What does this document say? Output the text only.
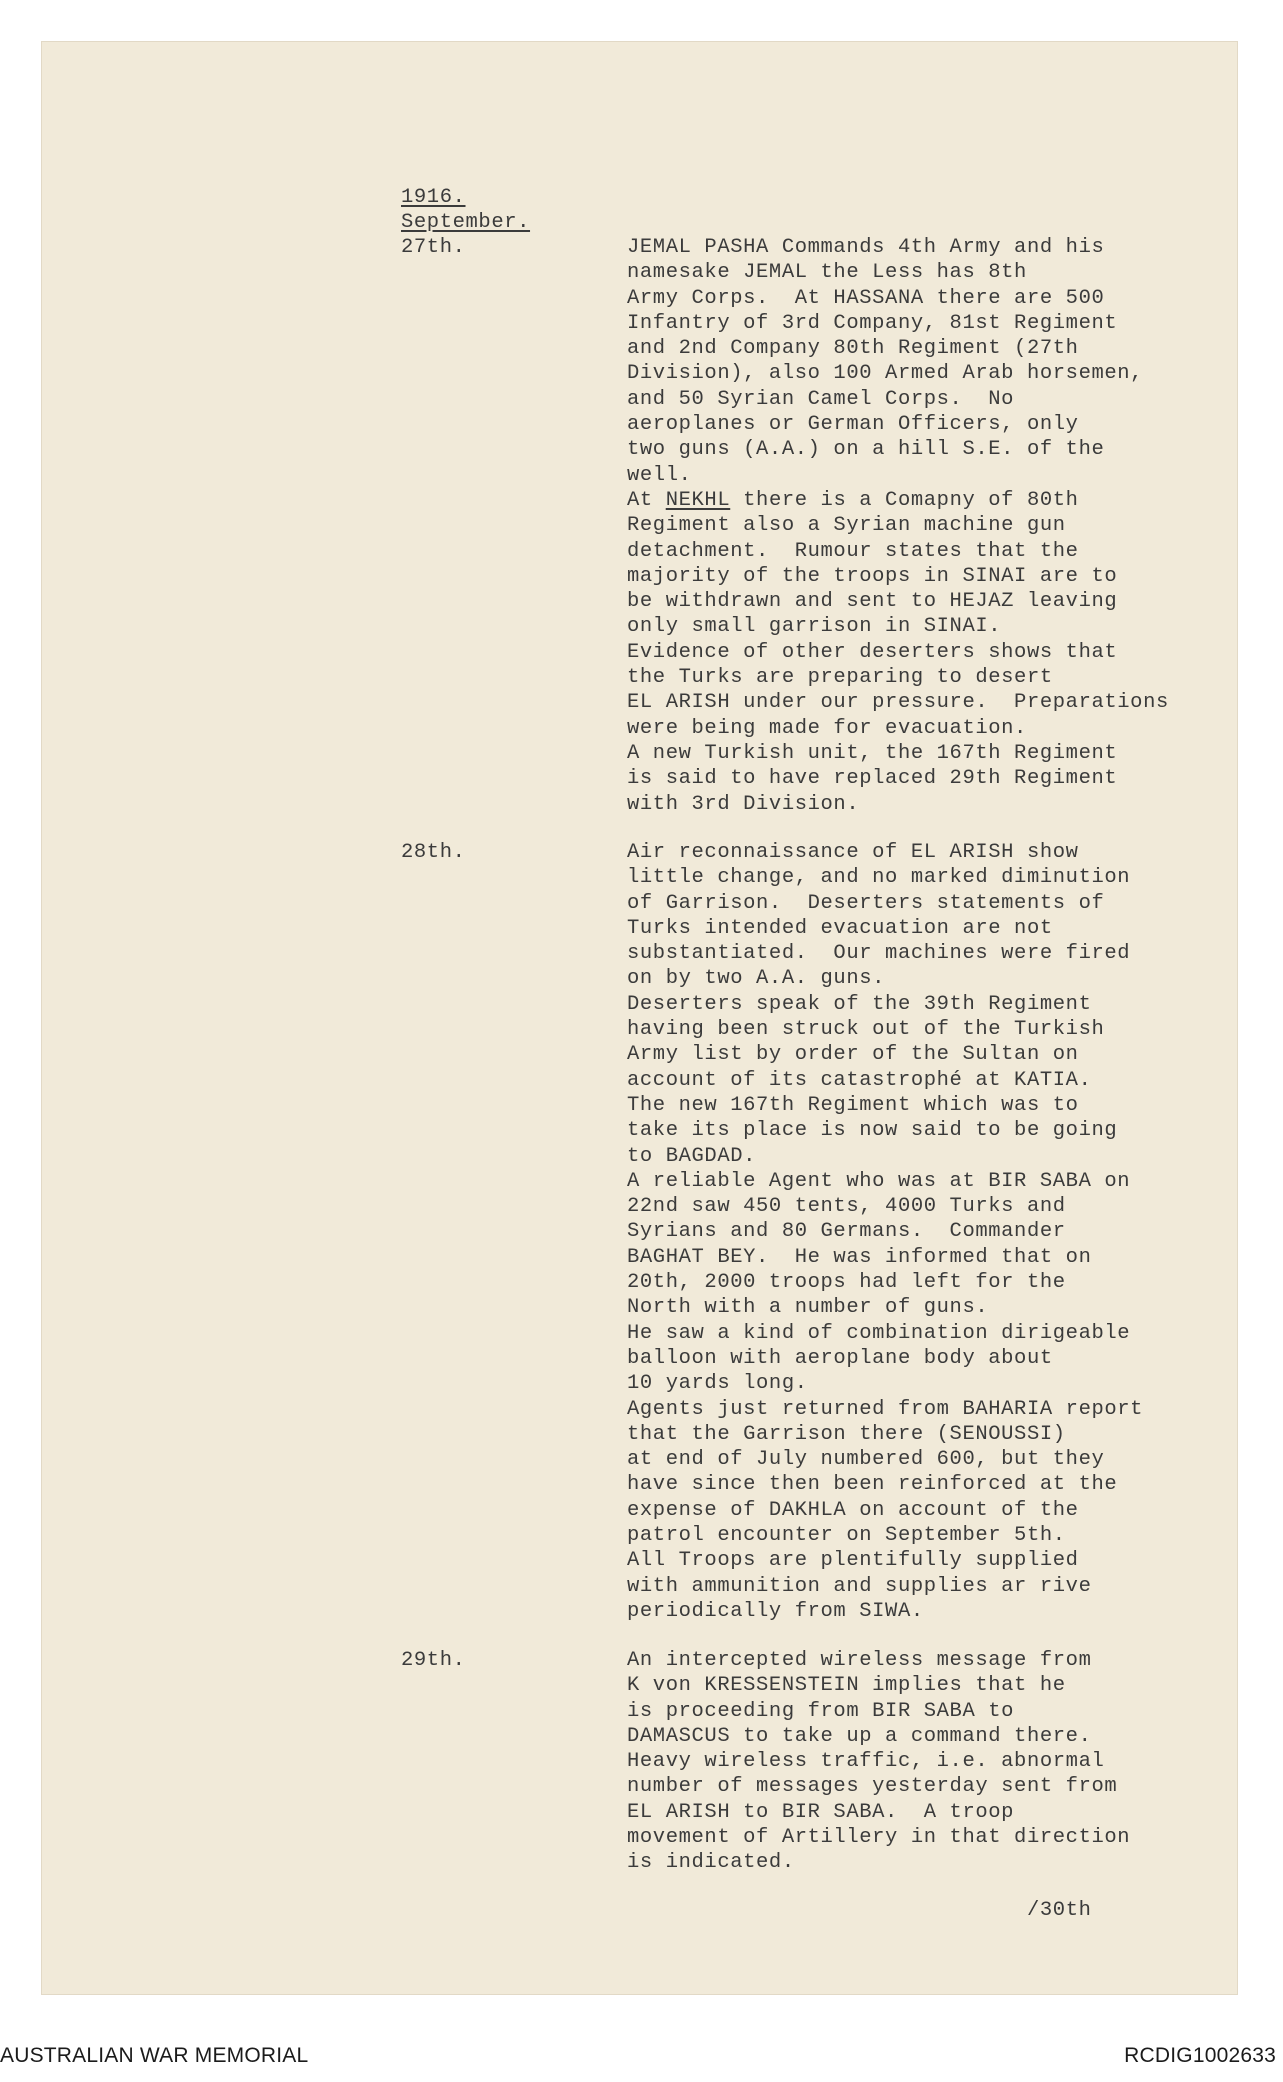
1916.
September.
27th.	JEMAL PASHA Commands 4th Army and his
namesake JEMAL the Less has 8th
Army Corps.  At HASSANA there are 500
Infantry of 3rd Company, 81st Regiment
and 2nd Company 80th Regiment (27th
Division), also 100 Armed Arab horsemen,
and 50 Syrian Camel Corps.  No
aeroplanes or German Officers, only
two guns (A.A.) on a hill S.E. of the
well.
At NEKHL there is a Comapny of 80th
Regiment also a Syrian machine gun
detachment.  Rumour states that the
majority of the troops in SINAI are to
be withdrawn and sent to HEJAZ leaving
only small garrison in SINAI.
Evidence of other deserters shows that
the Turks are preparing to desert
EL ARISH under our pressure.  Preparations
were being made for evacuation.
A new Turkish unit, the 167th Regiment
is said to have replaced 29th Regiment
with 3rd Division.
28th.	Air reconnaissance of EL ARISH show
little change, and no marked diminution
of Garrison.  Deserters statements of
Turks intended evacuation are not
substantiated.  Our machines were fired
on by two A.A. guns.
Deserters speak of the 39th Regiment
having been struck out of the Turkish
Army list by order of the Sultan on
account of its catastrophé at KATIA.
The new 167th Regiment which was to
take its place is now said to be going
to BAGDAD.
A reliable Agent who was at BIR SABA on
22nd saw 450 tents, 4000 Turks and
Syrians and 80 Germans.  Commander
BAGHAT BEY.  He was informed that on
20th, 2000 troops had left for the
North with a number of guns.
He saw a kind of combination dirigeable
balloon with aeroplane body about
10 yards long.
Agents just returned from BAHARIA report
that the Garrison there (SENOUSSI)
at end of July numbered 600, but they
have since then been reinforced at the
expense of DAKHLA on account of the
patrol encounter on September 5th.
All Troops are plentifully supplied
with ammunition and supplies ar rive
periodically from SIWA.
29th.	An intercepted wireless message from
K von KRESSENSTEIN implies that he
is proceeding from BIR SABA to
DAMASCUS to take up a command there.
Heavy wireless traffic, i.e. abnormal
number of messages yesterday sent from
EL ARISH to BIR SABA.  A troop
movement of Artillery in that direction
is indicated.
/30th
AUSTRALIAN WAR MEMORIAL	RCDIG1002633
